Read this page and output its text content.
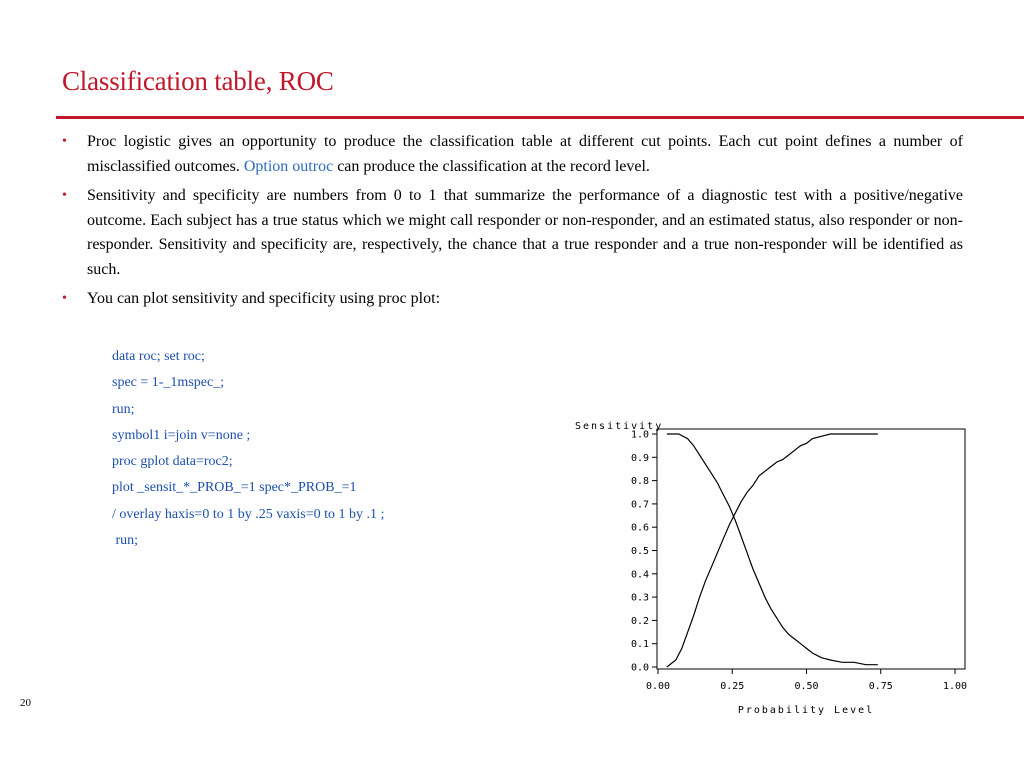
Classification table, ROC
• Proc logistic gives an opportunity to produce the classification table at different cut points. Each cut point defines a number of misclassified outcomes. Option outroc can produce the classification at the record level.
• Sensitivity and specificity are numbers from 0 to 1 that summarize the performance of a diagnostic test with a positive/negative outcome. Each subject has a true status which we might call responder or non-responder, and an estimated status, also responder or non-responder. Sensitivity and specificity are, respectively, the chance that a true responder and a true non-responder will be identified as such.
• You can plot sensitivity and specificity using proc plot:
data roc; set roc;
spec = 1-_1mspec_;
run;
symbol1 i=join v=none ;
proc gplot data=roc2;
plot _sensit_*_PROB_=1 spec*_PROB_=1
/ overlay haxis=0 to 1 by .25 vaxis=0 to 1 by .1 ;
run;
Sensitivity
Probability Level
0.0
0.1
0.2
0.3
0.4
0.5
0.6
0.7
0.8
0.9
1.0
0.00	0.25	0.50	0.75	1.00
20
